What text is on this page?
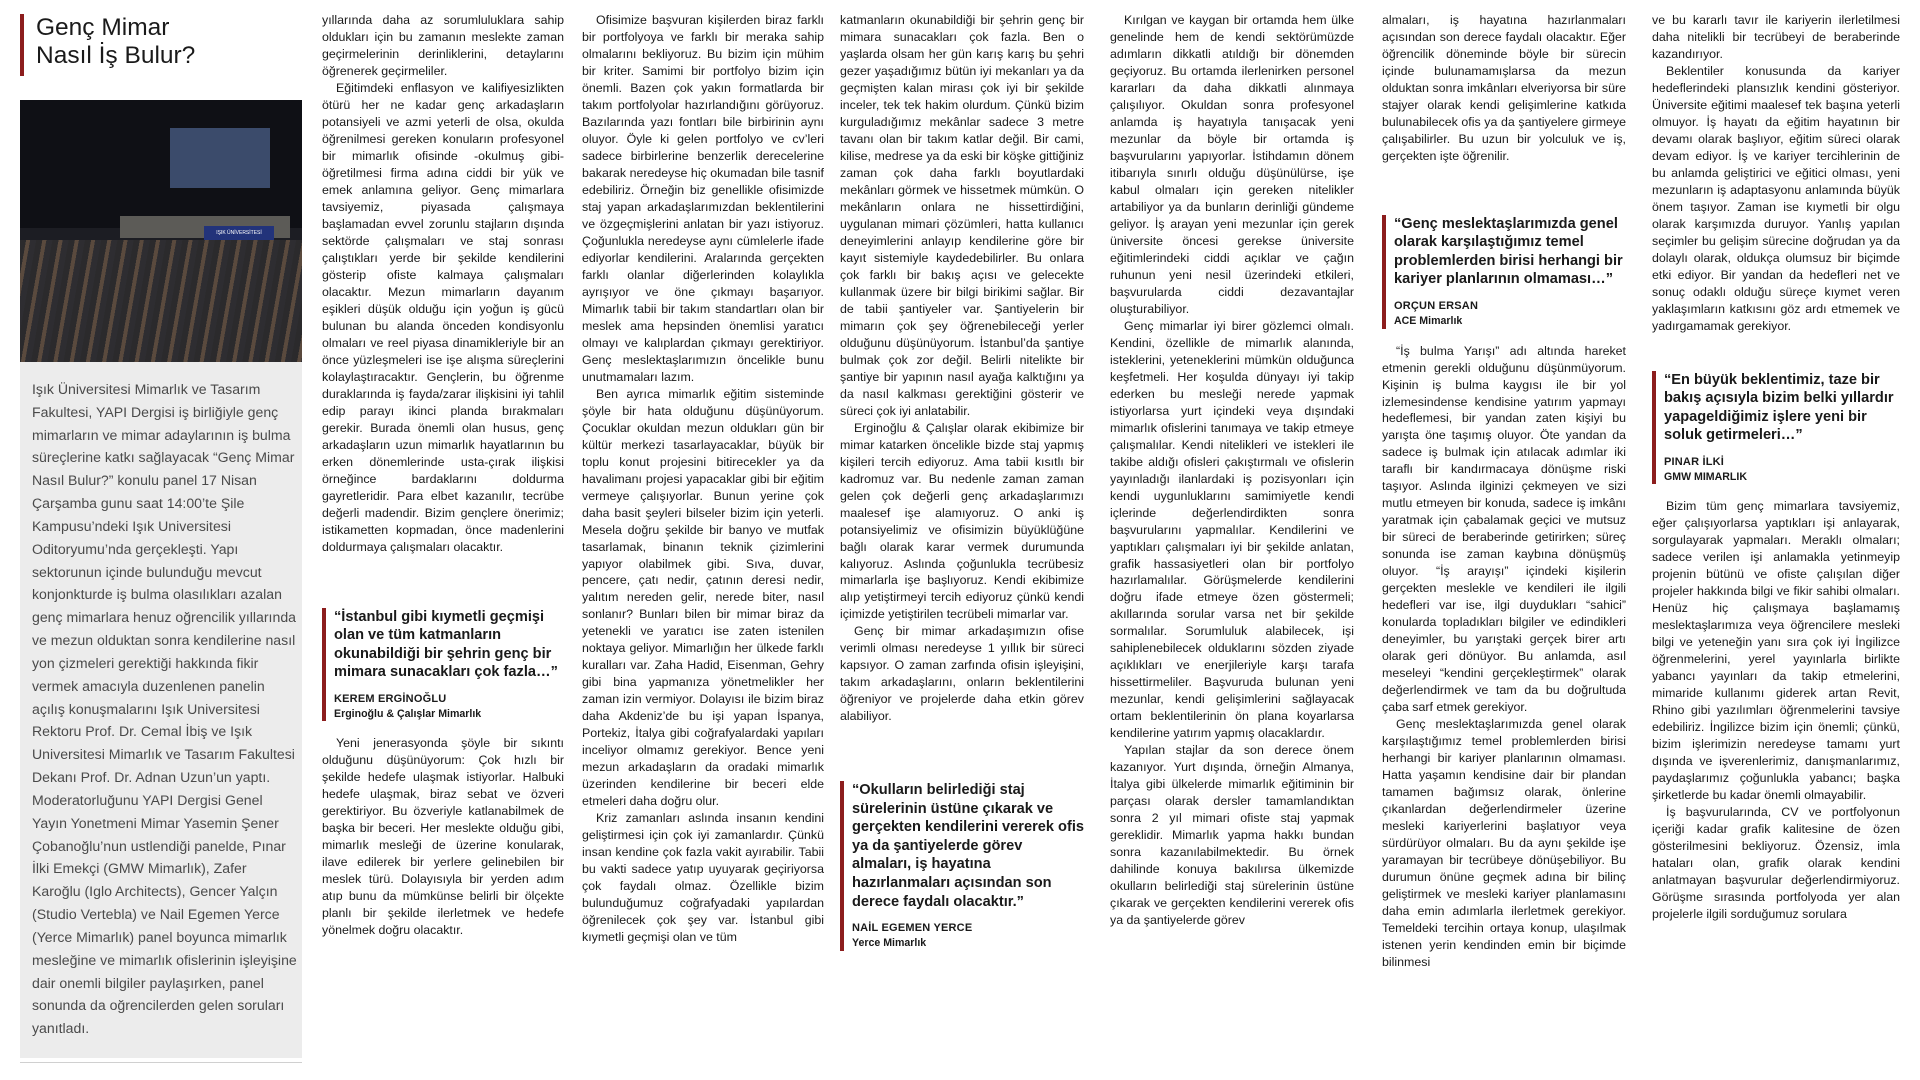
Genç Mimar
Nasıl İş Bulur?
IŞIK ÜNİVERSİTESİ
Işık Üniversitesi Mimarlık ve Tasarım Fakultesi, YAPI Dergisi iş birliğiyle genç mimarların ve mimar adaylarının iş bulma süreçlerine katkı sağlayacak “Genç Mimar Nasıl Bulur?” konulu panel 17 Nisan Çarşamba gunu saat 14:00’te Şile Kampusu’ndeki Işık Universitesi Oditoryumu’nda gerçekleşti. Yapı sektorunun içinde bulunduğu mevcut konjonkturde iş bulma olasılıkları azalan genç mimarlara henuz oğrencilik yıllarında ve mezun olduktan sonra kendilerine nasıl yon çizmeleri gerektiği hakkında fikir vermek amacıyla duzenlenen panelin açılış konuşmalarını Işık Universitesi Rektoru Prof. Dr. Cemal İbiş ve Işık Universitesi Mimarlık ve Tasarım Fakultesi Dekanı Prof. Dr. Adnan Uzun’un yaptı. Moderatorluğunu YAPI Dergisi Genel Yayın Yonetmeni Mimar Yasemin Şener Çobanoğlu’nun ustlendiği panelde, Pınar İlki Emekçi (GMW Mimarlık), Zafer Karoğlu (Iglo Architects), Gencer Yalçın (Studio Vertebla) ve Nail Egemen Yerce (Yerce Mimarlık) panel boyunca mimarlık mesleğine ve mimarlık ofislerinin işleyişine dair onemli bilgiler paylaşırken, panel sonunda da oğrencilerden gelen soruları yanıtladı.

yıllarında daha az sorumluluklara sahip oldukları için bu zamanın meslekte zaman geçirmelerinin derinliklerini, detaylarını öğrenerek geçirmeliler.

Eğitimdeki enflasyon ve kalifiyesizlikten ötürü her ne kadar genç arkadaşların potansiyeli ve azmi yeterli de olsa, okulda öğrenilmesi gereken konuların profesyonel bir mimarlık ofisinde -okulmuş gibi- öğretilmesi firma adına ciddi bir yük ve emek anlamına geliyor. Genç mimarlara tavsiyemiz, piyasada çalışmaya başlamadan evvel zorunlu stajların dışında sektörde çalışmaları ve staj sonrası çalıştıkları yerde bir şekilde kendilerini gösterip ofiste kalmaya çalışmaları olacaktır. Mezun mimarların dayanım eşikleri düşük olduğu için yoğun iş gücü bulunan bu alanda önceden kondisyonlu olmaları ve reel piyasa dinamikleriyle bir an önce yüzleşmeleri ise işe alışma süreçlerini kolaylaştıracaktır. Gençlerin, bu öğrenme duraklarında iş fayda/zarar ilişkisini iyi tahlil edip parayı ikinci planda bırakmaları gerekir. Burada önemli olan husus, genç arkadaşların uzun mimarlık hayatlarının bu erken dönemlerinde usta-çırak ilişkisi örneğince bardaklarını doldurma gayretleridir. Para elbet kazanılır, tecrübe değerli madendir. Bizim gençlere önerimiz; istikametten kopmadan, önce madenlerini doldurmaya çalışmaları olacaktır.

“İstanbul gibi kıymetli geçmişi olan ve tüm katmanların okunabildiği bir şehrin genç bir mimara sunacakları çok fazla…”
KEREM ERGİNOĞLU
Erginoğlu & Çalışlar Mimarlık

Yeni jenerasyonda şöyle bir sıkıntı olduğunu düşünüyorum: Çok hızlı bir şekilde hedefe ulaşmak istiyorlar. Halbuki hedefe ulaşmak, biraz sebat ve özveri gerektiriyor. Bu özveriyle katlanabilmek de başka bir beceri. Her meslekte olduğu gibi, mimarlık mesleği de üzerine konularak, ilave edilerek bir yerlere gelinebilen bir meslek türü. Dolayısıyla bir yerden adım atıp bunu da mümkünse belirli bir ölçekte planlı bir şekilde ilerletmek ve hedefe yönelmek doğru olacaktır.

Ofisimize başvuran kişilerden biraz farklı bir portfolyoya ve farklı bir meraka sahip olmalarını bekliyoruz. Bu bizim için mühim bir kriter. Samimi bir portfolyo bizim için önemli. Bazen çok yakın formatlarda bir takım portfolyolar hazırlandığını görüyoruz. Bazılarında yazı fontları bile birbirinin aynı oluyor. Öyle ki gelen portfolyo ve cv’leri sadece birbirlerine benzerlik derecelerine bakarak neredeyse hiç okumadan bile tasnif edebiliriz. Örneğin biz genellikle ofisimizde staj yapan arkadaşlarımızdan beklentilerini ve özgeçmişlerini anlatan bir yazı istiyoruz. Çoğunlukla neredeyse aynı cümlelerle ifade ediyorlar kendilerini. Aralarında gerçekten farklı olanlar diğerlerinden kolaylıkla ayrışıyor ve öne çıkmayı başarıyor. Mimarlık tabii bir takım standartları olan bir meslek ama hepsinden önemlisi yaratıcı olmayı ve kalıplardan çıkmayı gerektiriyor. Genç meslektaşlarımızın öncelikle bunu unutmamaları lazım.

Ben ayrıca mimarlık eğitim sisteminde şöyle bir hata olduğunu düşünüyorum. Çocuklar okuldan mezun oldukları gün bir kültür merkezi tasarlayacaklar, büyük bir toplu konut projesini bitirecekler ya da havalimanı projesi yapacaklar gibi bir eğitim vermeye çalışıyorlar. Bunun yerine çok daha basit şeyleri bilseler bizim için yeterli. Mesela doğru şekilde bir banyo ve mutfak tasarlamak, binanın teknik çizimlerini yapıyor olabilmek gibi. Sıva, duvar, pencere, çatı nedir, çatının deresi nedir, yalıtım nereden gelir, nerede biter, nasıl sonlanır? Bunları bilen bir mimar biraz da yetenekli ve yaratıcı ise zaten istenilen noktaya geliyor. Mimarlığın her ülkede farklı kuralları var. Zaha Hadid, Eisenman, Gehry gibi bina yapmanıza yönetmelikler her zaman izin vermiyor. Dolayısı ile bizim biraz daha Akdeniz’de bu işi yapan İspanya, Portekiz, İtalya gibi coğrafyalardaki yapıları inceliyor olmamız gerekiyor. Bence yeni mezun arkadaşların da oradaki mimarlık üzerinden kendilerine bir beceri elde etmeleri daha doğru olur.

Kriz zamanları aslında insanın kendini geliştirmesi için çok iyi zamanlardır. Çünkü insan kendine çok fazla vakit ayırabilir. Tabii bu vakti sadece yatıp uyuyarak geçiriyorsa çok faydalı olmaz. Özellikle bizim bulunduğumuz coğrafyadaki yapılardan öğrenilecek çok şey var. İstanbul gibi kıymetli geçmişi olan ve tüm

katmanların okunabildiği bir şehrin genç bir mimara sunacakları çok fazla. Ben o yaşlarda olsam her gün karış karış bu şehri gezer yaşadığımız bütün iyi mekanları ya da geçmişten kalan mirası çok iyi bir şekilde inceler, tek tek hakim olurdum. Çünkü bizim kurguladığımız mekânlar sadece 3 metre tavanı olan bir takım katlar değil. Bir cami, kilise, medrese ya da eski bir köşke gittiğiniz zaman çok daha farklı boyutlardaki mekânları görmek ve hissetmek mümkün. O mekânların onlara ne hissettirdiğini, uygulanan mimari çözümleri, hatta kullanıcı deneyimlerini anlayıp kendilerine göre bir kayıt sistemiyle kaydedebilirler. Bu onlara çok farklı bir bakış açısı ve gelecekte kullanmak üzere bir bilgi birikimi sağlar. Bir de tabii şantiyeler var. Şantiyelerin bir mimarın çok şey öğrenebileceği yerler olduğunu düşünüyorum. İstanbul’da şantiye bulmak çok zor değil. Belirli nitelikte bir şantiye bir yapının nasıl ayağa kalktığını ya da nasıl kalkması gerektiğini gösterir ve süreci çok iyi anlatabilir.

Erginoğlu & Çalışlar olarak ekibimize bir mimar katarken öncelikle bizde staj yapmış kişileri tercih ediyoruz. Ama tabii kısıtlı bir kadromuz var. Bu nedenle zaman zaman gelen çok değerli genç arkadaşlarımızı maalesef işe alamıyoruz. O anki iş potansiyelimiz ve ofisimizin büyüklüğüne bağlı olarak karar vermek durumunda kalıyoruz. Aslında çoğunlukla tecrübesiz mimarlarla işe başlıyoruz. Kendi ekibimize alıp yetiştirmeyi tercih ediyoruz çünkü kendi içimizde yetiştirilen tecrübeli mimarlar var.

Genç bir mimar arkadaşımızın ofise verimli olması neredeyse 1 yıllık bir süreci kapsıyor. O zaman zarfında ofisin işleyişini, takım arkadaşlarını, onların beklentilerini öğreniyor ve projelerde daha etkin görev alabiliyor.

“Okulların belirlediği staj sürelerinin üstüne çıkarak ve gerçekten kendilerini vererek ofis ya da şantiyelerde görev almaları, iş hayatına hazırlanmaları açısından son derece faydalı olacaktır.”
NAİL EGEMEN YERCE
Yerce Mimarlık

Kırılgan ve kaygan bir ortamda hem ülke genelinde hem de kendi sektörümüzde adımların dikkatli atıldığı bir dönemden geçiyoruz. Bu ortamda ilerlenirken personel kararları da daha dikkatli alınmaya çalışılıyor. Okuldan sonra profesyonel anlamda iş hayatıyla tanışacak yeni mezunlar da böyle bir ortamda iş başvurularını yapıyorlar. İstihdamın dönem itibarıyla sınırlı olduğu düşünülürse, işe kabul olmaları için gereken nitelikler artabiliyor ya da bunların derinliği gündeme geliyor. İş arayan yeni mezunlar için gerek üniversite öncesi gerekse üniversite eğitimlerindeki ciddi açıklar ve çağın ruhunun yeni nesil üzerindeki etkileri, başvurularda ciddi dezavantajlar oluşturabiliyor.

Genç mimarlar iyi birer gözlemci olmalı. Kendini, özellikle de mimarlık alanında, isteklerini, yeteneklerini mümkün olduğunca keşfetmeli. Her koşulda dünyayı iyi takip ederken bu mesleği nerede yapmak istiyorlarsa yurt içindeki veya dışındaki mimarlık ofislerini tanımaya ve takip etmeye çalışmalılar. Kendi nitelikleri ve istekleri ile takibe aldığı ofisleri çakıştırmalı ve ofislerin yayınladığı ilanlardaki iş pozisyonları için kendi uygunluklarını samimiyetle kendi içlerinde değerlendirdikten sonra başvurularını yapmalılar. Kendilerini ve yaptıkları çalışmaları iyi bir şekilde anlatan, grafik hassasiyetleri olan bir portfolyo hazırlamalılar. Görüşmelerde kendilerini doğru ifade etmeye özen göstermeli; akıllarında sorular varsa net bir şekilde sormalılar. Sorumluluk alabilecek, işi sahiplenebilecek olduklarını sözden ziyade açıklıkları ve enerjileriyle karşı tarafa hissettirmeliler. Başvuruda bulunan yeni mezunlar, kendi gelişimlerini sağlayacak ortam beklentilerinin ön plana koyarlarsa kendilerine yatırım yapmış olacaklardır.

Yapılan stajlar da son derece önem kazanıyor. Yurt dışında, örneğin Almanya, İtalya gibi ülkelerde mimarlık eğitiminin bir parçası olarak dersler tamamlandıktan sonra 2 yıl mimari ofiste staj yapmak gereklidir. Mimarlık yapma hakkı bundan sonra kazanılabilmektedir. Bu örnek dahilinde konuya bakılırsa ülkemizde okulların belirlediği staj sürelerinin üstüne çıkarak ve gerçekten kendilerini vererek ofis ya da şantiyelerde görev

almaları, iş hayatına hazırlanmaları açısından son derece faydalı olacaktır. Eğer öğrencilik döneminde böyle bir sürecin içinde bulunamamışlarsa da mezun olduktan sonra imkânları elveriyorsa bir süre stajyer olarak kendi gelişimlerine katkıda bulunabilecek ofis ya da şantiyelere girmeye çalışabilirler. Bu uzun bir yolculuk ve iş, gerçekten işte öğrenilir.

“Genç meslektaşlarımızda genel olarak karşılaştığımız temel problemlerden birisi herhangi bir kariyer planlarının olmaması…”
ORÇUN ERSAN
ACE Mimarlık

“İş bulma Yarışı” adı altında hareket etmenin gerekli olduğunu düşünmüyorum. Kişinin iş bulma kaygısı ile bir yol izlemesindense kendisine yatırım yapmayı hedeflemesi, bir yandan zaten kişiyi bu yarışta öne taşımış oluyor. Öte yandan da sadece iş bulmak için atılacak adımlar iki taraflı bir kandırmacaya dönüşme riski taşıyor. Aslında ilginizi çekmeyen ve sizi mutlu etmeyen bir konuda, sadece iş imkânı yaratmak için çabalamak geçici ve mutsuz bir süreci de beraberinde getirirken; süreç sonunda ise zaman kaybına dönüşmüş oluyor. “İş arayışı” içindeki kişilerin gerçekten meslekle ve kendileri ile ilgili hedefleri var ise, ilgi duydukları “sahici” konularda topladıkları bilgiler ve edindikleri deneyimler, bu yarıştaki gerçek birer artı olarak geri dönüyor. Bu anlamda, asıl meseleyi “kendini gerçekleştirmek” olarak değerlendirmek ve tam da bu doğrultuda çaba sarf etmek gerekiyor.

Genç meslektaşlarımızda genel olarak karşılaştığımız temel problemlerden birisi herhangi bir kariyer planlarının olmaması. Hatta yaşamın kendisine dair bir plandan tamamen bağımsız olarak, önlerine çıkanlardan değerlendirmeler üzerine mesleki kariyerlerini başlatıyor veya sürdürüyor olmaları. Bu da aynı şekilde işe yaramayan bir tecrübeye dönüşebiliyor. Bu durumun önüne geçmek adına bir bilinç geliştirmek ve mesleki kariyer planlamasını daha emin adımlarla ilerletmek gerekiyor. Temeldeki tercihin ortaya konup, ulaşılmak istenen yerin kendinden emin bir biçimde bilinmesi

ve bu kararlı tavır ile kariyerin ilerletilmesi daha nitelikli bir tecrübeyi de beraberinde kazandırıyor.

Beklentiler konusunda da kariyer hedeflerindeki plansızlık kendini gösteriyor. Üniversite eğitimi maalesef tek başına yeterli olmuyor. İş hayatı da eğitim hayatının bir devamı olarak başlıyor, eğitim süreci olarak devam ediyor. İş ve kariyer tercihlerinin de bu anlamda geliştirici ve eğitici olması, yeni mezunların iş adaptasyonu anlamında büyük önem taşıyor. Zaman ise kıymetli bir olgu olarak karşımızda duruyor. Yanlış yapılan seçimler bu gelişim sürecine doğrudan ya da dolaylı olarak, oldukça olumsuz bir biçimde etki ediyor. Bir yandan da hedefleri net ve sonuç odaklı olduğu süreçe kıymet veren yaklaşımların katkısını göz ardı etmemek ve yadırgamamak gerekiyor.

“En büyük beklentimiz, taze bir bakış açısıyla bizim belki yıllardır yapageldiğimiz işlere yeni bir soluk getirmeleri…”
PINAR İLKİ
GMW MIMARLIK

Bizim tüm genç mimarlara tavsiyemiz, eğer çalışıyorlarsa yaptıkları işi anlayarak, sorgulayarak yapmaları. Meraklı olmaları; sadece verilen işi anlamakla yetinmeyip projenin bütünü ve ofiste çalışılan diğer projeler hakkında bilgi ve fikir sahibi olmaları. Henüz hiç çalışmaya başlamamış meslektaşlarımıza veya öğrencilere mesleki bilgi ve yeteneğin yanı sıra çok iyi İngilizce öğrenmelerini, yerel yayınlarla birlikte yabancı yayınları da takip etmelerini, mimaride kullanımı giderek artan Revit, Rhino gibi yazılımları öğrenmelerini tavsiye edebiliriz. İngilizce bizim için önemli; çünkü, bizim işlerimizin neredeyse tamamı yurt dışında ve işverenlerimiz, danışmanlarımız, paydaşlarımız çoğunlukla yabancı; başka şirketlerde bu kadar önemli olmayabilir.

İş başvurularında, CV ve portfolyonun içeriği kadar grafik kalitesine de özen gösterilmesini bekliyoruz. Özensiz, imla hataları olan, grafik olarak kendini anlatmayan başvurular değerlendirmiyoruz. Görüşme sırasında portfolyoda yer alan projelerle ilgili sorduğumuz sorulara
